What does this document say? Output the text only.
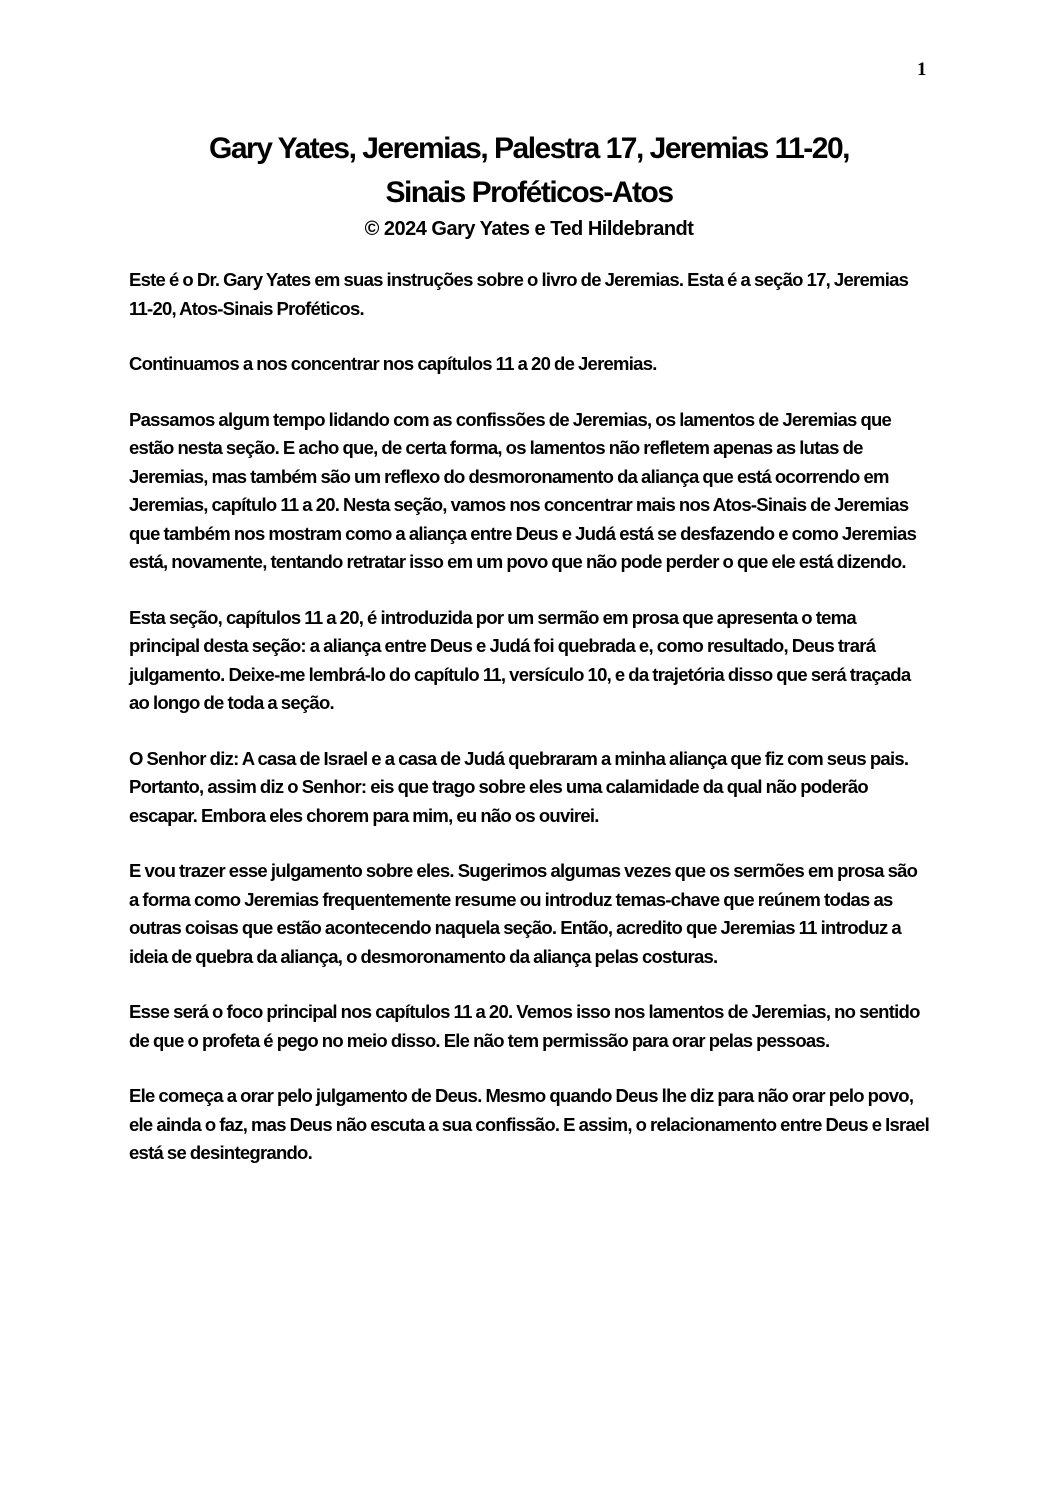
1
Gary Yates, Jeremias, Palestra 17, Jeremias 11-20,
Sinais Proféticos-Atos
© 2024 Gary Yates e Ted Hildebrandt

Este é o Dr. Gary Yates em suas instruções sobre o livro de Jeremias. Esta é a seção 17, Jeremias 11-20, Atos-Sinais Proféticos.

Continuamos a nos concentrar nos capítulos 11 a 20 de Jeremias.

Passamos algum tempo lidando com as confissões de Jeremias, os lamentos de Jeremias que estão nesta seção. E acho que, de certa forma, os lamentos não refletem apenas as lutas de Jeremias, mas também são um reflexo do desmoronamento da aliança que está ocorrendo em Jeremias, capítulo 11 a 20. Nesta seção, vamos nos concentrar mais nos Atos-Sinais de Jeremias que também nos mostram como a aliança entre Deus e Judá está se desfazendo e como Jeremias está, novamente, tentando retratar isso em um povo que não pode perder o que ele está dizendo.

Esta seção, capítulos 11 a 20, é introduzida por um sermão em prosa que apresenta o tema principal desta seção: a aliança entre Deus e Judá foi quebrada e, como resultado, Deus trará julgamento. Deixe-me lembrá-lo do capítulo 11, versículo 10, e da trajetória disso que será traçada ao longo de toda a seção.

O Senhor diz: A casa de Israel e a casa de Judá quebraram a minha aliança que fiz com seus pais. Portanto, assim diz o Senhor: eis que trago sobre eles uma calamidade da qual não poderão escapar. Embora eles chorem para mim, eu não os ouvirei.

E vou trazer esse julgamento sobre eles. Sugerimos algumas vezes que os sermões em prosa são a forma como Jeremias frequentemente resume ou introduz temas-chave que reúnem todas as outras coisas que estão acontecendo naquela seção. Então, acredito que Jeremias 11 introduz a ideia de quebra da aliança, o desmoronamento da aliança pelas costuras.

Esse será o foco principal nos capítulos 11 a 20. Vemos isso nos lamentos de Jeremias, no sentido de que o profeta é pego no meio disso. Ele não tem permissão para orar pelas pessoas.

Ele começa a orar pelo julgamento de Deus. Mesmo quando Deus lhe diz para não orar pelo povo, ele ainda o faz, mas Deus não escuta a sua confissão. E assim, o relacionamento entre Deus e Israel está se desintegrando.
